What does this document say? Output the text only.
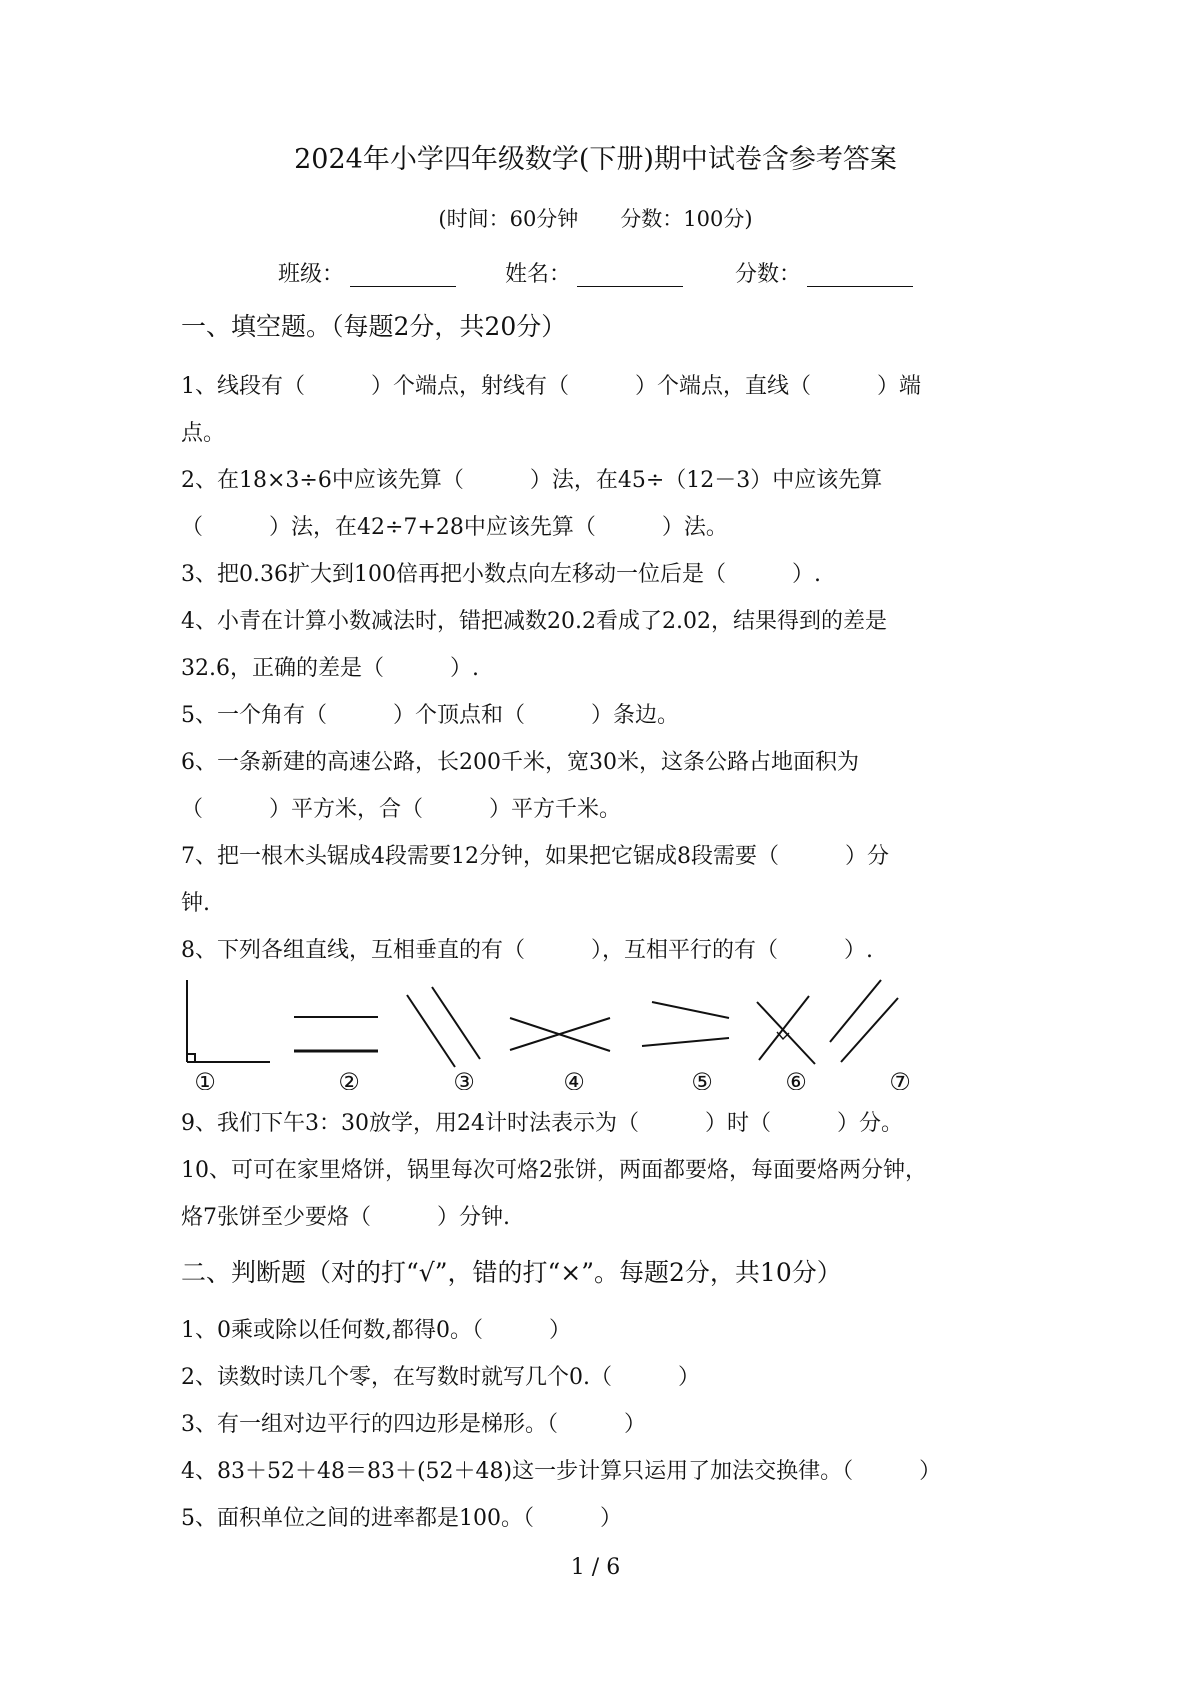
2024年小学四年级数学(下册)期中试卷含参考答案
(时间：60分钟　　分数：100分)
班级：	姓名：	分数：
一、填空题。（每题2分，共20分）
1、线段有（　　　）个端点，射线有（　　　）个端点，直线（　　　）端
点。
2、在18×3÷6中应该先算（　　　）法，在45÷（12－3）中应该先算
（　　　）法，在42÷7+28中应该先算（　　　）法。
3、把0.36扩大到100倍再把小数点向左移动一位后是（　　　）.
4、小青在计算小数减法时，错把减数20.2看成了2.02，结果得到的差是
32.6，正确的差是（　　　）.
5、一个角有（　　　）个顶点和（　　　）条边。
6、一条新建的高速公路，长200千米，宽30米，这条公路占地面积为
（　　　）平方米，合（　　　）平方千米。
7、把一根木头锯成4段需要12分钟，如果把它锯成8段需要（　　　）分
钟.
8、下列各组直线，互相垂直的有（　　　），互相平行的有（　　　）.
①	②	③	④	⑤	⑥	⑦
9、我们下午3：30放学，用24计时法表示为（　　　）时（　　　）分。
10、可可在家里烙饼，锅里每次可烙2张饼，两面都要烙，每面要烙两分钟，
烙7张饼至少要烙（　　　）分钟.
二、判断题（对的打“√”，错的打“×”。每题2分，共10分）
1、0乘或除以任何数,都得0。（　　　）
2、读数时读几个零，在写数时就写几个0.（　　　）
3、有一组对边平行的四边形是梯形。（　　　）
4、83＋52＋48＝83＋(52＋48)这一步计算只运用了加法交换律。（　　　）
5、面积单位之间的进率都是100。（　　　）
1 / 6
